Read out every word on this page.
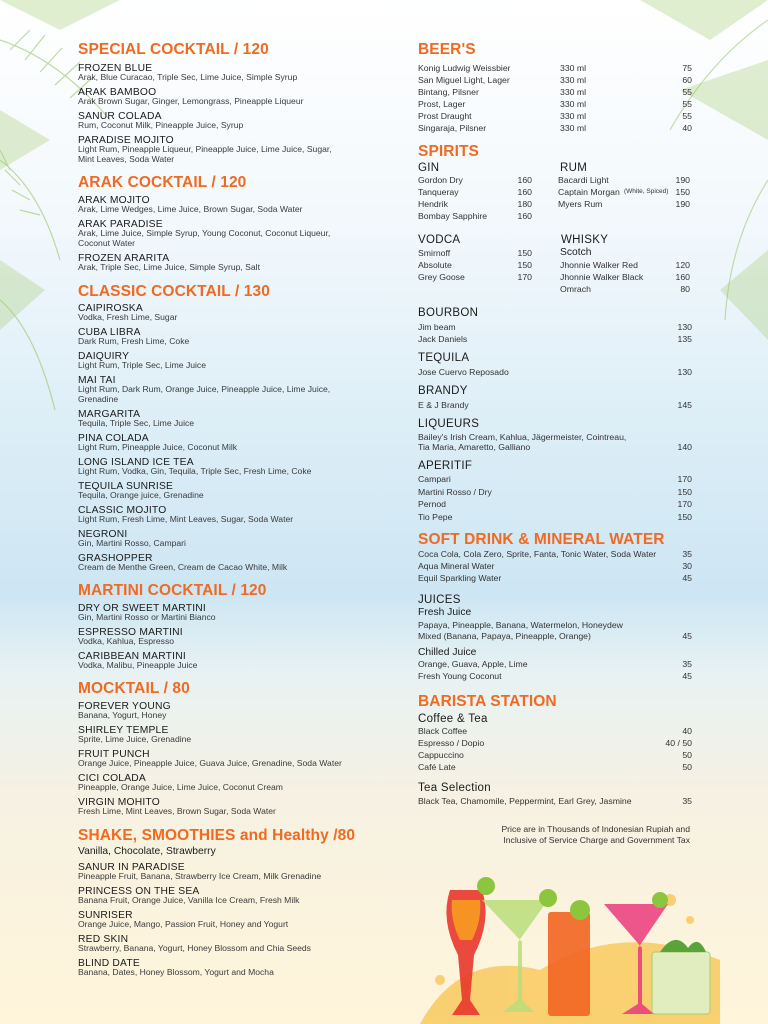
SPECIAL COCKTAIL / 120
FROZEN BLUE
Arak, Blue Curacao, Triple Sec, Lime Juice, Simple Syrup
ARAK BAMBOO
Arak Brown Sugar, Ginger, Lemongrass, Pineapple Liqueur
SANUR COLADA
Rum, Coconut Milk, Pineapple Juice, Syrup
PARADISE MOJITO
Light Rum, Pineapple Liqueur, Pineapple Juice, Lime Juice, Sugar, Mint Leaves, Soda Water
ARAK COCKTAIL / 120
ARAK MOJITO
Arak, Lime Wedges, Lime Juice, Brown Sugar, Soda Water
ARAK PARADISE
Arak, Lime Juice, Simple Syrup, Young Coconut, Coconut Liqueur, Coconut Water
FROZEN ARARITA
Arak, Triple Sec, Lime Juice, Simple Syrup, Salt
CLASSIC COCKTAIL / 130
CAIPIROSKA
Vodka, Fresh Lime, Sugar
CUBA LIBRA
Dark Rum, Fresh Lime, Coke
DAIQUIRY
Light Rum, Triple Sec, Lime Juice
MAI TAI
Light Rum, Dark Rum, Orange Juice, Pineapple Juice, Lime Juice, Grenadine
MARGARITA
Tequila, Triple Sec, Lime Juice
PINA COLADA
Light Rum, Pineapple Juice, Coconut Milk
LONG ISLAND ICE TEA
Light Rum, Vodka, Gin, Tequila, Triple Sec, Fresh Lime, Coke
TEQUILA SUNRISE
Tequila, Orange juice, Grenadine
CLASSIC MOJITO
Light Rum, Fresh Lime, Mint Leaves, Sugar, Soda Water
NEGRONI
Gin, Martini Rosso, Campari
GRASHOPPER
Cream de Menthe Green, Cream de Cacao White, Milk
MARTINI COCKTAIL / 120
DRY OR SWEET MARTINI
Gin, Martini Rosso or Martini Bianco
ESPRESSO MARTINI
Vodka, Kahlua, Espresso
CARIBBEAN MARTINI
Vodka, Malibu, Pineapple Juice
MOCKTAIL / 80
FOREVER YOUNG
Banana, Yogurt, Honey
SHIRLEY TEMPLE
Sprite, Lime Juice, Grenadine
FRUIT PUNCH
Orange Juice, Pineapple Juice, Guava Juice, Grenadine, Soda Water
CICI COLADA
Pineapple, Orange Juice, Lime Juice, Coconut Cream
VIRGIN MOHITO
Fresh Lime, Mint Leaves, Brown Sugar, Soda Water
SHAKE, SMOOTHIES and Healthy /80
Vanilla, Chocolate, Strawberry
SANUR IN PARADISE
Pineapple Fruit, Banana, Strawberry Ice Cream, Milk Grenadine
PRINCESS ON THE SEA
Banana Fruit, Orange Juice, Vanilla Ice Cream, Fresh Milk
SUNRISER
Orange Juice, Mango, Passion Fruit, Honey and Yogurt
RED SKIN
Strawberry, Banana, Yogurt, Honey Blossom and Chia Seeds
BLIND DATE
Banana, Dates, Honey Blossom, Yogurt and Mocha
BEER'S
Konig Ludwig Weissbier	330 ml	75
San Miguel Light, Lager	330 ml	60
Bintang, Pilsner	330 ml	55
Prost, Lager	330 ml	55
Prost Draught	330 ml	55
Singaraja, Pilsner	330 ml	40
SPIRITS
GIN	RUM
Gordon Dry	160
Tanqueray	160
Hendrik	180
Bombay Sapphire	160
Bacardi Light	190
Captain Morgan (White, Spiced) 150
Myers Rum	190
VODCA	WHISKY
Scotch
Smirnoff	150
Absolute	150
Grey Goose	170
Jhonnie Walker Red	120
Jhonnie Walker Black	160
Omrach	80
BOURBON
Jim beam	130
Jack Daniels	135
TEQUILA
Jose Cuervo Reposado	130
BRANDY
E & J Brandy	145
LIQUEURS
Bailey's Irish Cream, Kahlua, Jägermeister, Cointreau,
Tia Maria, Amaretto, Galliano	140
APERITIF
Campari	170
Martini Rosso / Dry	150
Pernod	170
Tio Pepe	150
SOFT DRINK & MINERAL WATER
Coca Cola, Cola Zero, Sprite, Fanta, Tonic Water, Soda Water	35
Aqua Mineral Water	30
Equil Sparkling Water	45
JUICES
Fresh Juice
Papaya, Pineapple, Banana, Watermelon, Honeydew
Mixed (Banana, Papaya, Pineapple, Orange)	45
Chilled Juice
Orange, Guava, Apple, Lime	35
Fresh Young Coconut	45
BARISTA STATION
Coffee & Tea
Black Coffee	40
Espresso / Dopio	40 / 50
Cappuccino	50
Café Late	50
Tea Selection
Black Tea, Chamomile, Peppermint, Earl Grey, Jasmine	35
Price are in Thousands of Indonesian Rupiah and
Inclusive of Service Charge and Government Tax
